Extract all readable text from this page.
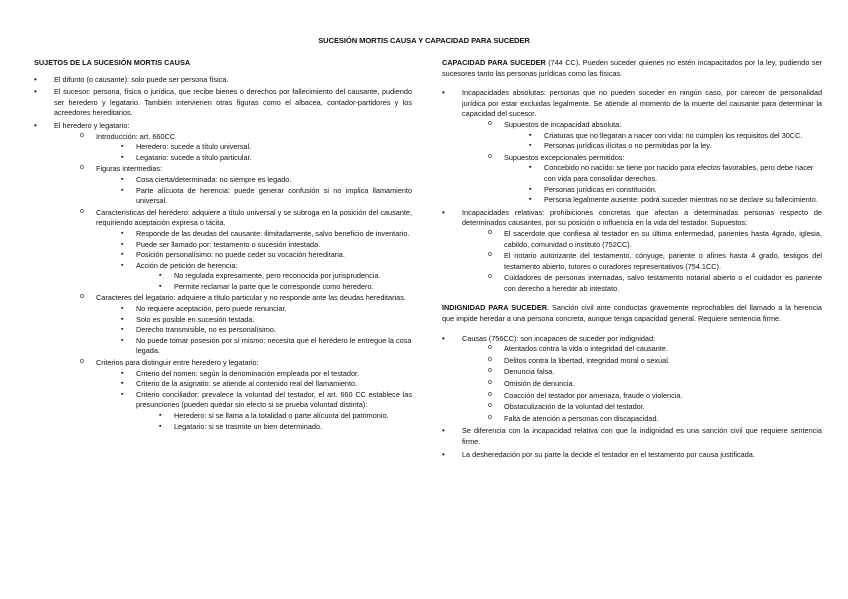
SUCESIÓN MORTIS CAUSA Y CAPACIDAD PARA SUCEDER
SUJETOS DE LA SUCESIÓN MORTIS CAUSA
• El difunto (o causante): solo puede ser persona física.
• El sucesor: persona, física o jurídica, que recibe bienes o derechos por fallecimiento del causante, pudiendo ser heredero y legatario. También intervienen otras figuras como el albacea, contador-partidores y los acreedores hereditarios.
• El heredero y legatario:
o Introducción: art. 660CC
▪ Heredero: sucede a título universal.
▪ Legatario: sucede a título particular.
o Figuras intermedias:
▪ Cosa cierta/determinada: no siempre es legado.
▪ Parte alícuota de herencia: puede generar confusión si no implica llamamiento universal.
o Características del heredero: adquiere a título universal y se subroga en la posición del causante, requiriendo aceptación expresa o tácita.
▪ Responde de las deudas del causante: ilimitadamente, salvo beneficio de inventario.
▪ Puede ser llamado por: testamento o sucesión intestada.
▪ Posición personalísimo: no puede ceder su vocación hereditaria.
▪ Acción de petición de herencia:
▪ No regulada expresamente, pero reconocida por jurisprudencia.
▪ Permite reclamar la parte que le corresponde como heredero.
o Caracteres del legatario: adquiere a título particular y no responde ante las deudas hereditarias.
▪ No requiere aceptación, pero puede renunciar.
▪ Solo es posible en sucesión testada.
▪ Derecho transmisible, no es personalísimo.
▪ No puede tomar posesión por sí mismo: necesita que el heredero le entregue la cosa legada.
o Criterios para distinguir entre heredero y legatario:
▪ Criterio del nomen: según la denominación empleada por el testador.
▪ Criterio de la asignatio: se atiende al contenido real del llamamiento.
▪ Criterio conciliador: prevalece la voluntad del testador, el art. 660 CC establece las presunciones (pueden quedar sin efecto si se prueba voluntad distinta):
▪ Heredero: si se llama a la totalidad o parte alícuota del patrimonio.
▪ Legatario: si se trasmite un bien determinado.
CAPACIDAD PARA SUCEDER (744 CC). Pueden suceder quienes no estén incapacitados por la ley, pudiendo ser sucesores tanto las personas jurídicas como las físicas.
• Incapacidades absolutas: personas que no pueden suceder en ningún caso, por carecer de personalidad jurídica por estar excluidas legalmente. Se atiende al momento de la muerte del causante para determinar la capacidad del sucesor.
o Supuestos de incapacidad absoluta:
▪ Criaturas que no llegaran a nacer con vida: no cumplen los requisitos del 30CC.
▪ Personas jurídicas ilícitas o no permitidas por la ley.
o Supuestos excepcionales permitidos:
▪ Concebido no nacido: se tiene por nacido para efectos favorables, pero debe nacer con vida para consolidar derechos.
▪ Personas jurídicas en constitución.
▪ Persona legalmente ausente: podrá suceder mientras no se declare su fallecimiento.
• Incapacidades relativas: prohibiciones concretas que afectan a determinadas personas respecto de determinados causantes, por su posición o influencia en la vida del testador. Supuestos:
o El sacerdote que confiesa al testador en su última enfermedad, parientes hasta 4grado, iglesia, cabildo, comunidad o instituto (752CC).
o El notario autorizante del testamento, cónyuge, pariente o afines hasta 4 grado, testigos del testamento abierto, tutores o curadores representativos (754.1CC).
o Cuidadores de personas internadas, salvo testamento notarial abierto o el cuidador es pariente con derecho a heredar ab intestato.
INDIGNIDAD PARA SUCEDER. Sanción civil ante conductas gravemente reprochables del llamado a la herencia que impide heredar a una persona concreta, aunque tenga capacidad general. Requiere sentencia firme.
• Causas (756CC): son incapaces de suceder por indignidad:
o Atentados contra la vida o integridad del causante.
o Delitos contra la libertad, integridad moral o sexual.
o Denuncia falsa.
o Omisión de denuncia.
o Coacción del testador por amenaza, fraude o violencia.
o Obstaculización de la voluntad del testador.
o Falta de atención a personas con discapacidad.
• Se diferencia con la incapacidad relativa con que la indignidad es una sanción civil que requiere sentencia firme.
• La desheredación por su parte la decide el testador en el testamento por causa justificada.
